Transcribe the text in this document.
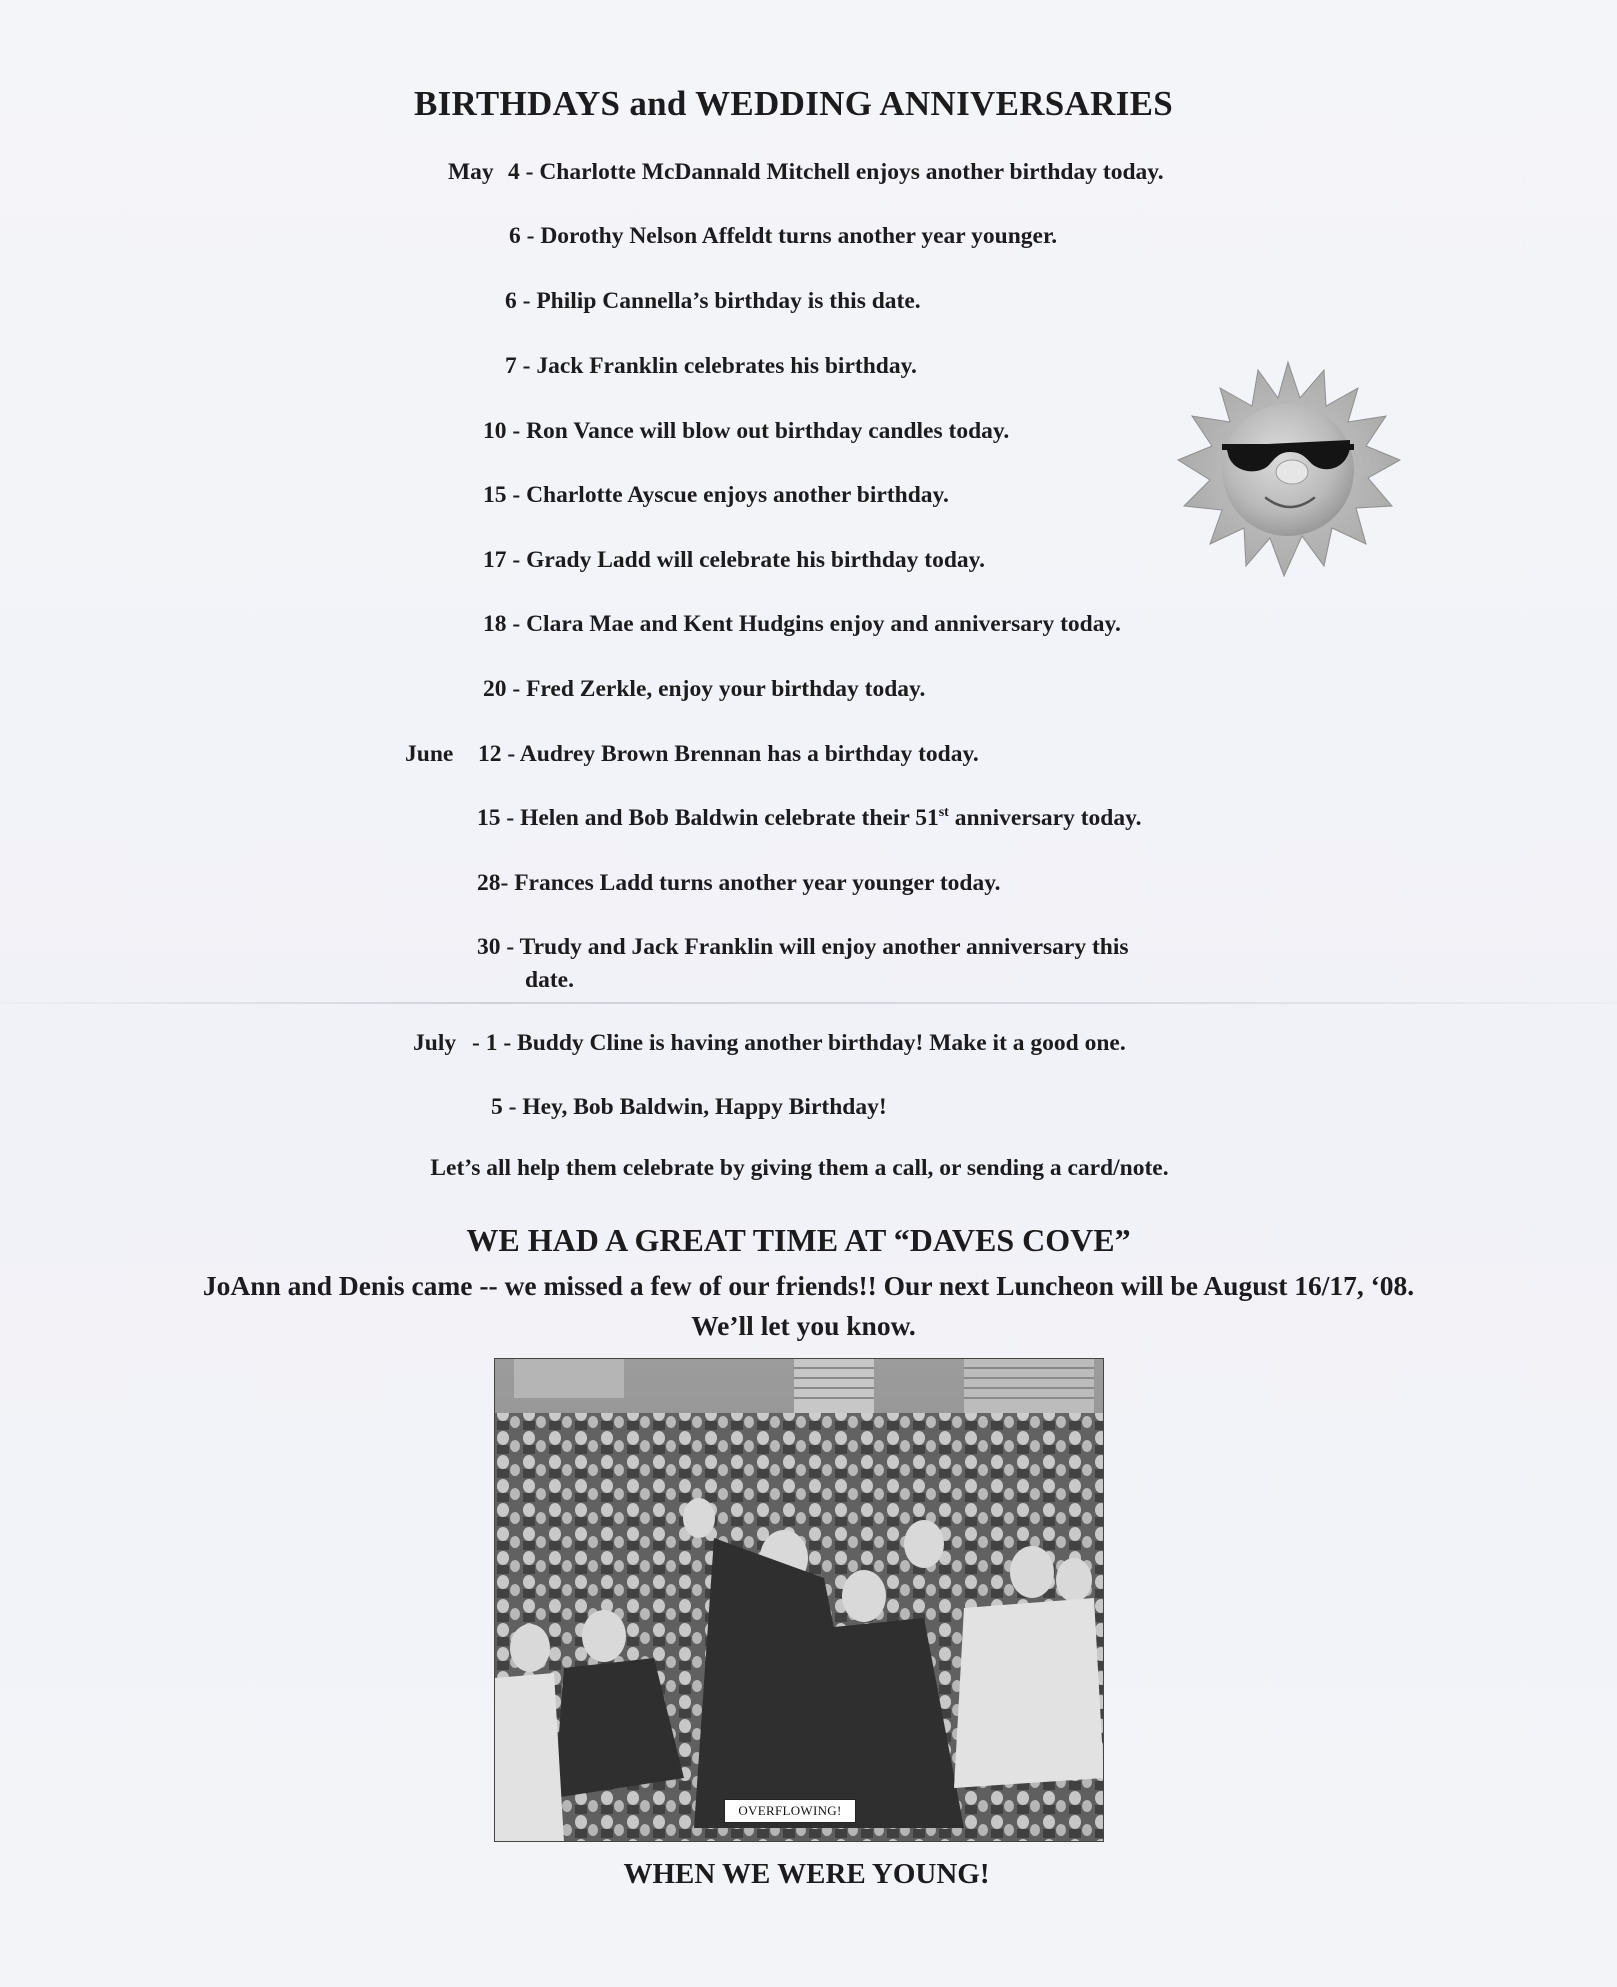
BIRTHDAYS and WEDDING ANNIVERSARIES
May 4 - Charlotte McDannald Mitchell enjoys another birthday today.
6 - Dorothy Nelson Affeldt turns another year younger.
6 - Philip Cannella’s birthday is this date.
7 - Jack Franklin celebrates his birthday.
10 - Ron Vance will blow out birthday candles today.
15 - Charlotte Ayscue enjoys another birthday.
17 - Grady Ladd will celebrate his birthday today.
18 - Clara Mae and Kent Hudgins enjoy and anniversary today.
20 - Fred Zerkle, enjoy your birthday today.
June 12 - Audrey Brown Brennan has a birthday today.
15 - Helen and Bob Baldwin celebrate their 51st anniversary today.
28- Frances Ladd turns another year younger today.
30 - Trudy and Jack Franklin will enjoy another anniversary this
date.
July - 1 - Buddy Cline is having another birthday! Make it a good one.
5 - Hey, Bob Baldwin, Happy Birthday!
Let’s all help them celebrate by giving them a call, or sending a card/note.
WE HAD A GREAT TIME AT “DAVES COVE”
JoAnn and Denis came -- we missed a few of our friends!! Our next Luncheon will be August 16/17, ‘08.
We’ll let you know.
OVERFLOWING!
WHEN WE WERE YOUNG!
